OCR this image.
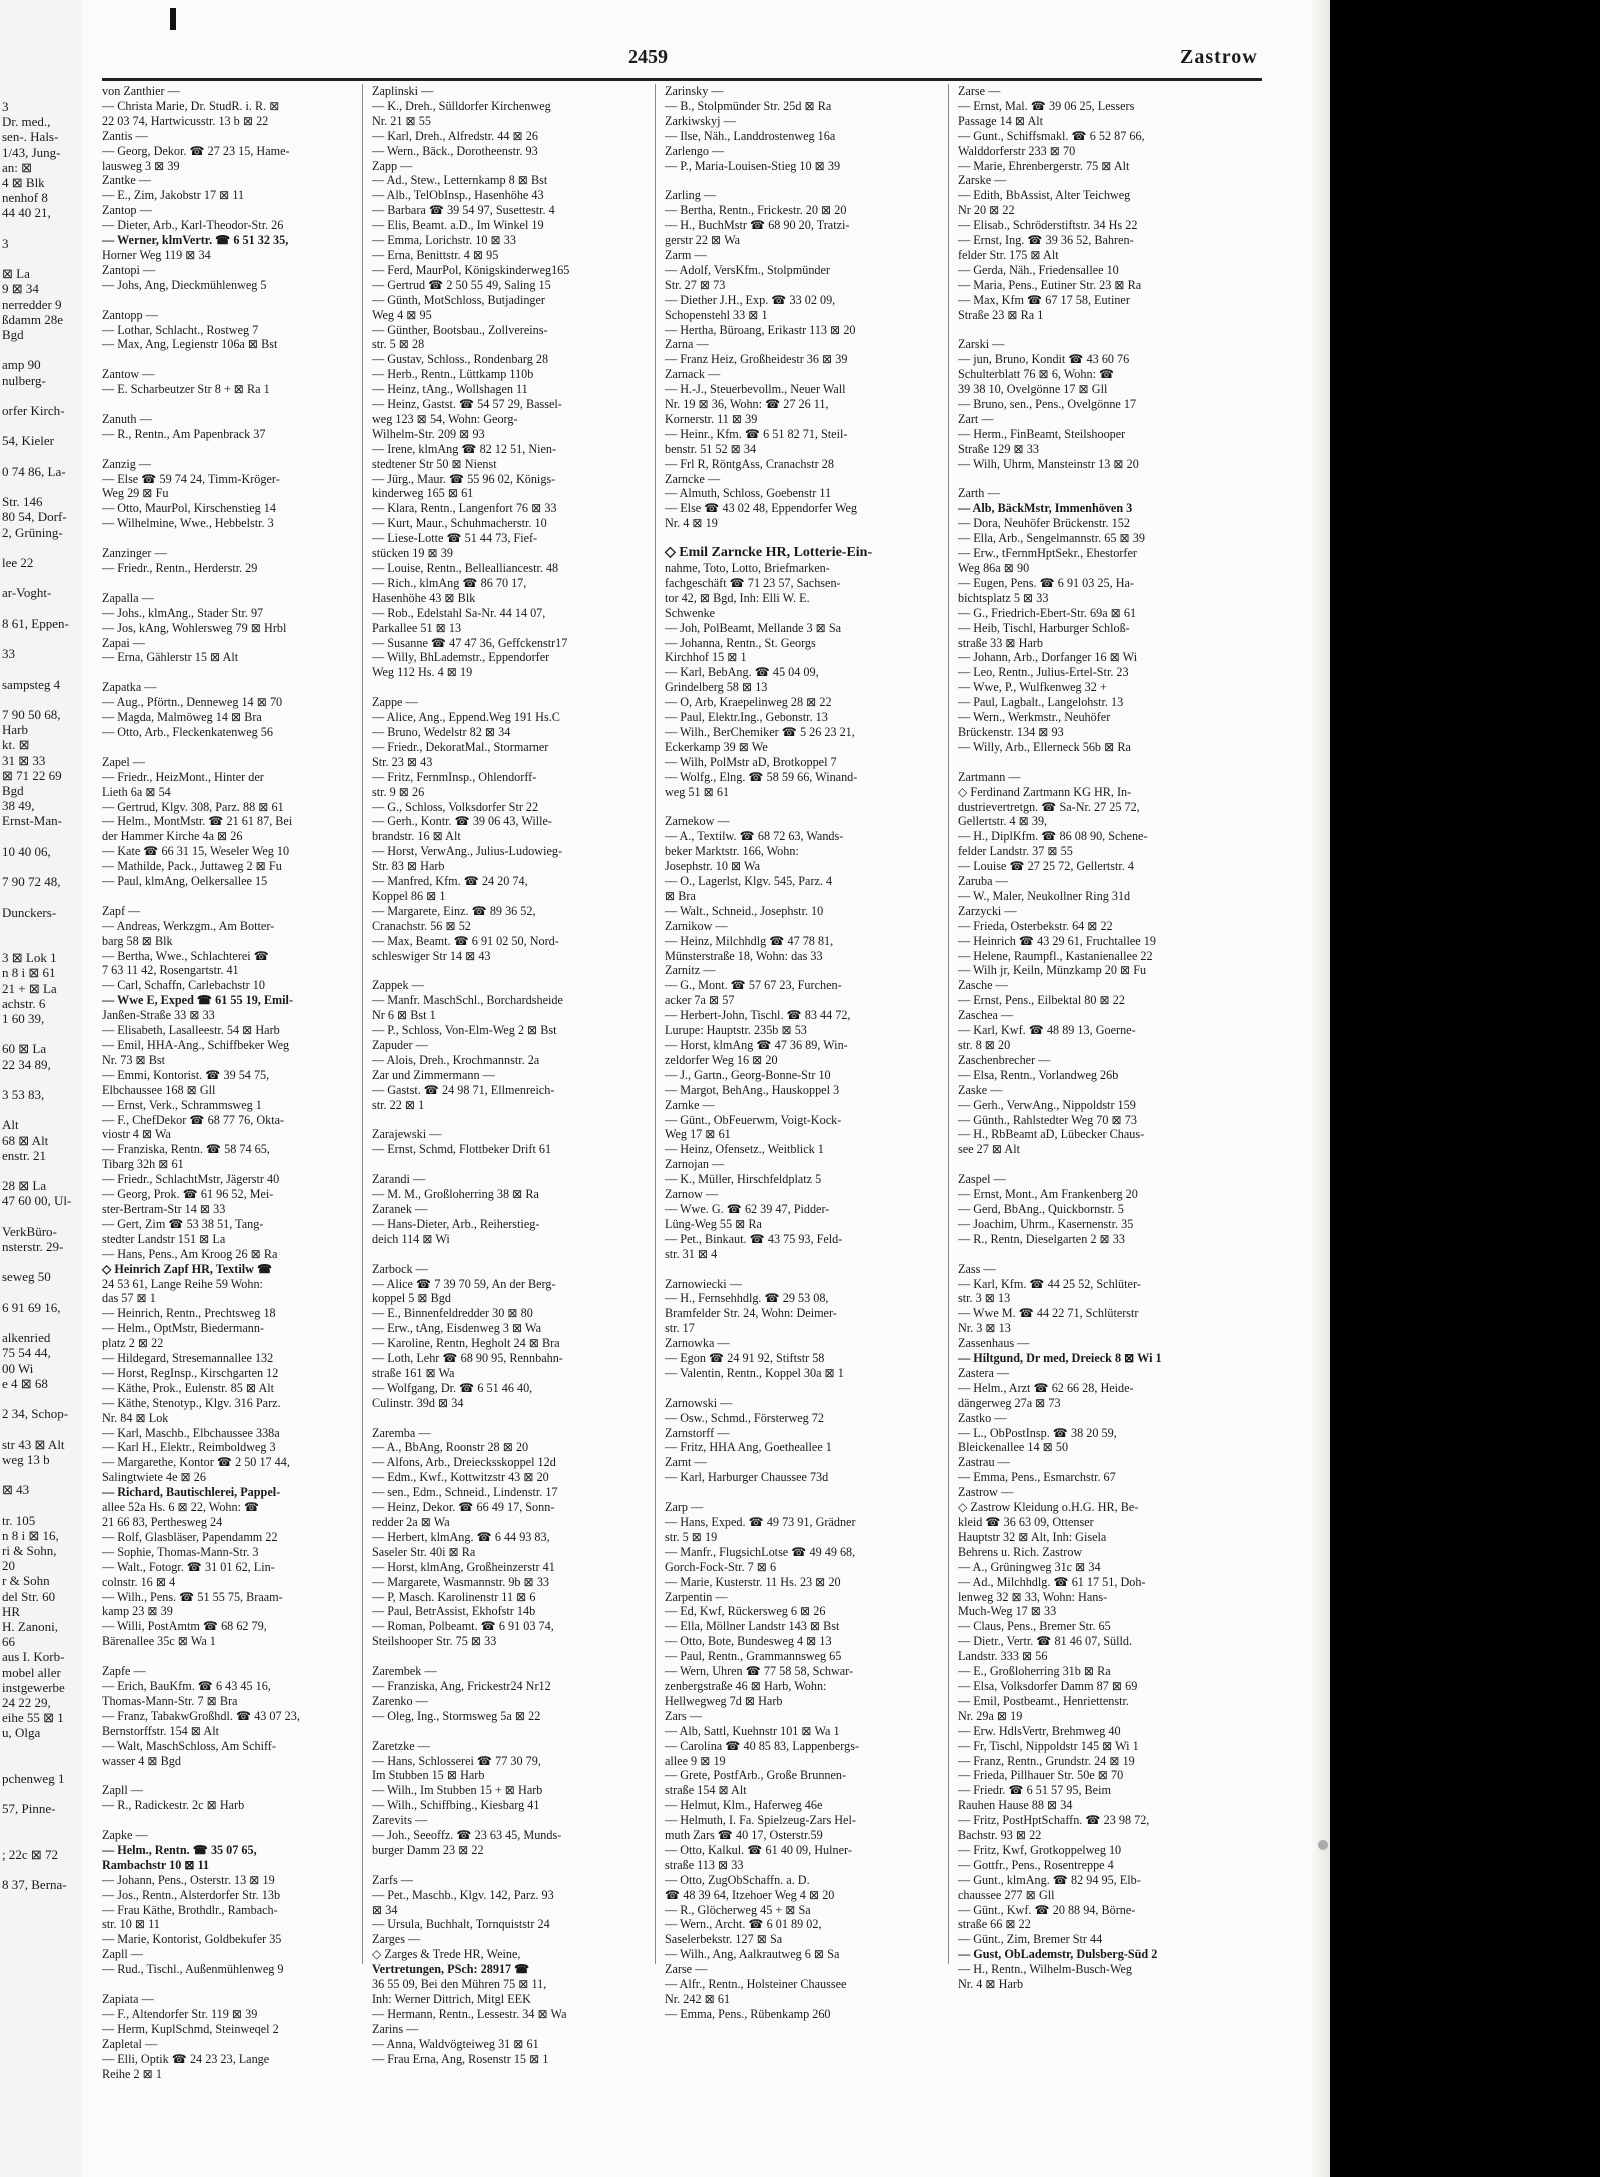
2459	Zastrow
von Zanthier —
— Christa Marie, Dr. StudR. i. R. ⊠
22 03 74, Hartwicusstr. 13 b ⊠ 22
Zantis —
— Georg, Dekor. ☎ 27 23 15, Hame-
lausweg 3 ⊠ 39
Zantke —
— E., Zim, Jakobstr 17 ⊠ 11
Zantop —
— Dieter, Arb., Karl-Theodor-Str. 26
— Werner, klmVertr. ☎ 6 51 32 35,
Horner Weg 119 ⊠ 34
Zantopi —
— Johs, Ang, Dieckmühlenweg 5

Zantopp —
— Lothar, Schlacht., Rostweg 7
— Max, Ang, Legienstr 106a ⊠ Bst

Zantow —
— E. Scharbeutzer Str 8 + ⊠ Ra 1

Zanuth —
— R., Rentn., Am Papenbrack 37

Zanzig —
— Else ☎ 59 74 24, Timm-Kröger-
Weg 29 ⊠ Fu
— Otto, MaurPol, Kirschenstieg 14
— Wilhelmine, Wwe., Hebbelstr. 3

Zanzinger —
— Friedr., Rentn., Herderstr. 29

Zapalla —
— Johs., klmAng., Stader Str. 97
— Jos, kAng, Wohlersweg 79 ⊠ Hrbl
Zapai —
— Erna, Gählerstr 15 ⊠ Alt

Zapatka —
— Aug., Pförtn., Denneweg 14 ⊠ 70
— Magda, Malmöweg 14 ⊠ Bra
— Otto, Arb., Fleckenkatenweg 56

Zapel —
— Friedr., HeizMont., Hinter der
Lieth 6a ⊠ 54
— Gertrud, Klgv. 308, Parz. 88 ⊠ 61
— Helm., MontMstr. ☎ 21 61 87, Bei
der Hammer Kirche 4a ⊠ 26
— Kate ☎ 66 31 15, Weseler Weg 10
— Mathilde, Pack., Juttaweg 2 ⊠ Fu
— Paul, klmAng, Oelkersallee 15

Zapf —
— Andreas, Werkzgm., Am Botter-
barg 58 ⊠ Blk
— Bertha, Wwe., Schlachterei ☎
7 63 11 42, Rosengartstr. 41
— Carl, Schaffn, Carlebachstr 10
— Wwe E, Exped ☎ 61 55 19, Emil-
Janßen-Straße 33 ⊠ 33
— Elisabeth, Lasalleestr. 54 ⊠ Harb
— Emil, HHA-Ang., Schiffbeker Weg
Nr. 73 ⊠ Bst
— Emmi, Kontorist. ☎ 39 54 75,
Elbchaussee 168 ⊠ Gll
— Ernst, Verk., Schrammsweg 1
— F., ChefDekor ☎ 68 77 76, Okta-
viostr 4 ⊠ Wa
— Franziska, Rentn. ☎ 58 74 65,
Tibarg 32h ⊠ 61
— Friedr., SchlachtMstr, Jägerstr 40
— Georg, Prok. ☎ 61 96 52, Mei-
ster-Bertram-Str 14 ⊠ 33
— Gert, Zim ☎ 53 38 51, Tang-
stedter Landstr 151 ⊠ La
— Hans, Pens., Am Kroog 26 ⊠ Ra
◇ Heinrich Zapf HR, Textilw ☎
24 53 61, Lange Reihe 59 Wohn:
das 57 ⊠ 1
— Heinrich, Rentn., Prechtsweg 18
— Helm., OptMstr, Biedermann-
platz 2 ⊠ 22
— Hildegard, Stresemannallee 132
— Horst, RegInsp., Kirschgarten 12
— Käthe, Prok., Eulenstr. 85 ⊠ Alt
— Käthe, Stenotyp., Klgv. 316 Parz.
Nr. 84 ⊠ Lok
— Karl, Maschb., Elbchaussee 338a
— Karl H., Elektr., Reimboldweg 3
— Margarethe, Kontor ☎ 2 50 17 44,
Salingtwiete 4e ⊠ 26
— Richard, Bautischlerei, Pappel-
allee 52a Hs. 6 ⊠ 22, Wohn: ☎
21 66 83, Perthesweg 24
— Rolf, Glasbläser, Papendamm 22
— Sophie, Thomas-Mann-Str. 3
— Walt., Fotogr. ☎ 31 01 62, Lin-
colnstr. 16 ⊠ 4
— Wilh., Pens. ☎ 51 55 75, Braam-
kamp 23 ⊠ 39
— Willi, PostAmtm ☎ 68 62 79,
Bärenallee 35c ⊠ Wa 1

Zapfe —
— Erich, BauKfm. ☎ 6 43 45 16,
Thomas-Mann-Str. 7 ⊠ Bra
— Franz, TabakwGroßhdl. ☎ 43 07 23,
Bernstorffstr. 154 ⊠ Alt
— Walt, MaschSchloss, Am Schiff-
wasser 4 ⊠ Bgd

Zapll —
— R., Radickestr. 2c ⊠ Harb

Zapke —
— Helm., Rentn. ☎ 35 07 65,
Rambachstr 10 ⊠ 11
— Johann, Pens., Osterstr. 13 ⊠ 19
— Jos., Rentn., Alsterdorfer Str. 13b
— Frau Käthe, Brothdlr., Rambach-
str. 10 ⊠ 11
— Marie, Kontorist, Goldbekufer 35
Zapll —
— Rud., Tischl., Außenmühlenweg 9

Zapiata —
— F., Altendorfer Str. 119 ⊠ 39
— Herm, KuplSchmd, Steinweqel 2
Zapletal —
— Elli, Optik ☎ 24 23 23, Lange
Reihe 2 ⊠ 1
Zaplinski —
— K., Dreh., Sülldorfer Kirchenweg
Nr. 21 ⊠ 55
— Karl, Dreh., Alfredstr. 44 ⊠ 26
— Wern., Bäck., Dorotheenstr. 93
Zapp —
— Ad., Stew., Letternkamp 8 ⊠ Bst
— Alb., TelObInsp., Hasenhöhe 43
— Barbara ☎ 39 54 97, Susettestr. 4
— Elis, Beamt. a.D., Im Winkel 19
— Emma, Lorichstr. 10 ⊠ 33
— Erna, Benittstr. 4 ⊠ 95
— Ferd, MaurPol, Königskinderweg165
— Gertrud ☎ 2 50 55 49, Saling 15
— Günth, MotSchloss, Butjadinger
Weg 4 ⊠ 95
— Günther, Bootsbau., Zollvereins-
str. 5 ⊠ 28
— Gustav, Schloss., Rondenbarg 28
— Herb., Rentn., Lüttkamp 110b
— Heinz, tAng., Wollshagen 11
— Heinz, Gastst. ☎ 54 57 29, Bassel-
weg 123 ⊠ 54, Wohn: Georg-
Wilhelm-Str. 209 ⊠ 93
— Irene, klmAng ☎ 82 12 51, Nien-
stedtener Str 50 ⊠ Nienst
— Jürg., Maur. ☎ 55 96 02, Königs-
kinderweg 165 ⊠ 61
— Klara, Rentn., Langenfort 76 ⊠ 33
— Kurt, Maur., Schuhmacherstr. 10
— Liese-Lotte ☎ 51 44 73, Fief-
stücken 19 ⊠ 39
— Louise, Rentn., Bellealliancestr. 48
— Rich., klmAng ☎ 86 70 17,
Hasenhöhe 43 ⊠ Blk
— Rob., Edelstahl Sa-Nr. 44 14 07,
Parkallee 51 ⊠ 13
— Susanne ☎ 47 47 36, Geffckenstr17
— Willy, BhLademstr., Eppendorfer
Weg 112 Hs. 4 ⊠ 19

Zappe —
— Alice, Ang., Eppend.Weg 191 Hs.C
— Bruno, Wedelstr 82 ⊠ 34
— Friedr., DekoratMal., Stormarner
Str. 23 ⊠ 43
— Fritz, FernmInsp., Ohlendorff-
str. 9 ⊠ 26
— G., Schloss, Volksdorfer Str 22
— Gerh., Kontr. ☎ 39 06 43, Wille-
brandstr. 16 ⊠ Alt
— Horst, VerwAng., Julius-Ludowieg-
Str. 83 ⊠ Harb
— Manfred, Kfm. ☎ 24 20 74,
Koppel 86 ⊠ 1
— Margarete, Einz. ☎ 89 36 52,
Cranachstr. 56 ⊠ 52
— Max, Beamt. ☎ 6 91 02 50, Nord-
schleswiger Str 14 ⊠ 43

Zappek —
— Manfr. MaschSchl., Borchardsheide
Nr 6 ⊠ Bst 1
— P., Schloss, Von-Elm-Weg 2 ⊠ Bst
Zapuder —
— Alois, Dreh., Krochmannstr. 2a
Zar und Zimmermann —
— Gastst. ☎ 24 98 71, Ellmenreich-
str. 22 ⊠ 1

Zarajewski —
— Ernst, Schmd, Flottbeker Drift 61

Zarandi —
— M. M., Großloherring 38 ⊠ Ra
Zaranek —
— Hans-Dieter, Arb., Reiherstieg-
deich 114 ⊠ Wi

Zarbock —
— Alice ☎ 7 39 70 59, An der Berg-
koppel 5 ⊠ Bgd
— E., Binnenfeldredder 30 ⊠ 80
— Erw., tAng, Eisdenweg 3 ⊠ Wa
— Karoline, Rentn, Hegholt 24 ⊠ Bra
— Loth, Lehr ☎ 68 90 95, Rennbahn-
straße 161 ⊠ Wa
— Wolfgang, Dr. ☎ 6 51 46 40,
Culinstr. 39d ⊠ 34

Zaremba —
— A., BbAng, Roonstr 28 ⊠ 20
— Alfons, Arb., Dreiecksskoppel 12d
— Edm., Kwf., Kottwitzstr 43 ⊠ 20
— sen., Edm., Schneid., Lindenstr. 17
— Heinz, Dekor. ☎ 66 49 17, Sonn-
redder 2a ⊠ Wa
— Herbert, klmAng. ☎ 6 44 93 83,
Saseler Str. 40i ⊠ Ra
— Horst, klmAng, Großheinzerstr 41
— Margarete, Wasmannstr. 9b ⊠ 33
— P, Masch. Karolinenstr 11 ⊠ 6
— Paul, BetrAssist, Ekhofstr 14b
— Roman, Polbeamt. ☎ 6 91 03 74,
Steilshooper Str. 75 ⊠ 33

Zarembek —
— Franziska, Ang, Frickestr24 Nr12
Zarenko —
— Oleg, Ing., Stormsweg 5a ⊠ 22

Zaretzke —
— Hans, Schlosserei ☎ 77 30 79,
Im Stubben 15 ⊠ Harb
— Wilh., Im Stubben 15 + ⊠ Harb
— Wilh., Schiffbing., Kiesbarg 41
Zarevits —
— Joh., Seeoffz. ☎ 23 63 45, Munds-
burger Damm 23 ⊠ 22

Zarfs —
— Pet., Maschb., Klgv. 142, Parz. 93
⊠ 34
— Ursula, Buchhalt, Tornquiststr 24
Zarges —
◇ Zarges & Trede HR, Weine,
Vertretungen, PSch: 28917 ☎
36 55 09, Bei den Mühren 75 ⊠ 11,
Inh: Werner Dittrich, Mitgl EEK
— Hermann, Rentn., Lessestr. 34 ⊠ Wa
Zarins —
— Anna, Waldvögteiweg 31 ⊠ 61
— Frau Erna, Ang, Rosenstr 15 ⊠ 1
Zarinsky —
— B., Stolpmünder Str. 25d ⊠ Ra
Zarkiwskyj —
— Ilse, Näh., Landdrostenweg 16a
Zarlengo —
— P., Maria-Louisen-Stieg 10 ⊠ 39

Zarling —
— Bertha, Rentn., Frickestr. 20 ⊠ 20
— H., BuchMstr ☎ 68 90 20, Tratzi-
gerstr 22 ⊠ Wa
Zarm —
— Adolf, VersKfm., Stolpmünder
Str. 27 ⊠ 73
— Diether J.H., Exp. ☎ 33 02 09,
Schopenstehl 33 ⊠ 1
— Hertha, Büroang, Erikastr 113 ⊠ 20
Zarna —
— Franz Heiz, Großheidestr 36 ⊠ 39
Zarnack —
— H.-J., Steuerbevollm., Neuer Wall
Nr. 19 ⊠ 36, Wohn: ☎ 27 26 11,
Kornerstr. 11 ⊠ 39
— Heinr., Kfm. ☎ 6 51 82 71, Steil-
benstr. 51 52 ⊠ 34
— Frl R, RöntgAss, Cranachstr 28
Zarncke —
— Almuth, Schloss, Goebenstr 11
— Else ☎ 43 02 48, Eppendorfer Weg
Nr. 4 ⊠ 19

◇ Emil Zarncke HR, Lotterie-Ein-
nahme, Toto, Lotto, Briefmarken-
fachgeschäft ☎ 71 23 57, Sachsen-
tor 42, ⊠ Bgd, Inh: Elli W. E.
Schwenke
— Joh, PolBeamt, Mellande 3 ⊠ Sa
— Johanna, Rentn., St. Georgs
Kirchhof 15 ⊠ 1
— Karl, BebAng. ☎ 45 04 09,
Grindelberg 58 ⊠ 13
— O, Arb, Kraepelinweg 28 ⊠ 22
— Paul, Elektr.Ing., Gebonstr. 13
— Wilh., BerChemiker ☎ 5 26 23 21,
Eckerkamp 39 ⊠ We
— Wilh, PolMstr aD, Brotkoppel 7
— Wolfg., Elng. ☎ 58 59 66, Winand-
weg 51 ⊠ 61

Zarnekow —
— A., Textilw. ☎ 68 72 63, Wands-
beker Marktstr. 166, Wohn:
Josephstr. 10 ⊠ Wa
— O., Lagerlst, Klgv. 545, Parz. 4
⊠ Bra
— Walt., Schneid., Josephstr. 10
Zarnikow —
— Heinz, Milchhdlg ☎ 47 78 81,
Münsterstraße 18, Wohn: das 33
Zarnitz —
— G., Mont. ☎ 57 67 23, Furchen-
acker 7a ⊠ 57
— Herbert-John, Tischl. ☎ 83 44 72,
Lurupe: Hauptstr. 235b ⊠ 53
— Horst, klmAng ☎ 47 36 89, Win-
zeldorfer Weg 16 ⊠ 20
— J., Gartn., Georg-Bonne-Str 10
— Margot, BehAng., Hauskoppel 3
Zarnke —
— Günt., ObFeuerwm, Voigt-Kock-
Weg 17 ⊠ 61
— Heinz, Ofensetz., Weitblick 1
Zarnojan —
— K., Müller, Hirschfeldplatz 5
Zarnow —
— Wwe. G. ☎ 62 39 47, Pidder-
Lüng-Weg 55 ⊠ Ra
— Pet., Binkaut. ☎ 43 75 93, Feld-
str. 31 ⊠ 4

Zarnowiecki —
— H., Fernsehhdlg. ☎ 29 53 08,
Bramfelder Str. 24, Wohn: Deimer-
str. 17
Zarnowka —
— Egon ☎ 24 91 92, Stiftstr 58
— Valentin, Rentn., Koppel 30a ⊠ 1

Zarnowski —
— Osw., Schmd., Försterweg 72
Zarnstorff —
— Fritz, HHA Ang, Goetheallee 1
Zarnt —
— Karl, Harburger Chaussee 73d

Zarp —
— Hans, Exped. ☎ 49 73 91, Grädner
str. 5 ⊠ 19
— Manfr., FlugsichLotse ☎ 49 49 68,
Gorch-Fock-Str. 7 ⊠ 6
— Marie, Kusterstr. 11 Hs. 23 ⊠ 20
Zarpentin —
— Ed, Kwf, Rückersweg 6 ⊠ 26
— Ella, Möllner Landstr 143 ⊠ Bst
— Otto, Bote, Bundesweg 4 ⊠ 13
— Paul, Rentn., Grammannsweg 65
— Wern, Uhren ☎ 77 58 58, Schwar-
zenbergstraße 46 ⊠ Harb, Wohn:
Hellwegweg 7d ⊠ Harb
Zars —
— Alb, Sattl, Kuehnstr 101 ⊠ Wa 1
— Carolina ☎ 40 85 83, Lappenbergs-
allee 9 ⊠ 19
— Grete, PostfArb., Große Brunnen-
straße 154 ⊠ Alt
— Helmut, Klm., Haferweg 46e
— Helmuth, I. Fa. Spielzeug-Zars Hel-
muth Zars ☎ 40 17, Osterstr.59
— Otto, Kalkul. ☎ 61 40 09, Hulner-
straße 113 ⊠ 33
— Otto, ZugObSchaffn. a. D.
☎ 48 39 64, Itzehoer Weg 4 ⊠ 20
— R., Glöcherweg 45 + ⊠ Sa
— Wern., Archt. ☎ 6 01 89 02,
Saselerbekstr. 127 ⊠ Sa
— Wilh., Ang, Aalkrautweg 6 ⊠ Sa
Zarse —
— Alfr., Rentn., Holsteiner Chaussee
Nr. 242 ⊠ 61
— Emma, Pens., Rübenkamp 260
Zarse —
— Ernst, Mal. ☎ 39 06 25, Lessers
Passage 14 ⊠ Alt
— Gunt., Schiffsmakl. ☎ 6 52 87 66,
Walddorferstr 233 ⊠ 70
— Marie, Ehrenbergerstr. 75 ⊠ Alt
Zarske —
— Edith, BbAssist, Alter Teichweg
Nr 20 ⊠ 22
— Elisab., Schröderstiftstr. 34 Hs 22
— Ernst, Ing. ☎ 39 36 52, Bahren-
felder Str. 175 ⊠ Alt
— Gerda, Näh., Friedensallee 10
— Maria, Pens., Eutiner Str. 23 ⊠ Ra
— Max, Kfm ☎ 67 17 58, Eutiner
Straße 23 ⊠ Ra 1

Zarski —
— jun, Bruno, Kondit ☎ 43 60 76
Schulterblatt 76 ⊠ 6, Wohn: ☎
39 38 10, Ovelgönne 17 ⊠ Gll
— Bruno, sen., Pens., Ovelgönne 17
Zart —
— Herm., FinBeamt, Steilshooper
Straße 129 ⊠ 33
— Wilh, Uhrm, Mansteinstr 13 ⊠ 20

Zarth —
— Alb, BäckMstr, Immenhöven 3
— Dora, Neuhöfer Brückenstr. 152
— Ella, Arb., Sengelmannstr. 65 ⊠ 39
— Erw., tFernmHptSekr., Ehestorfer
Weg 86a ⊠ 90
— Eugen, Pens. ☎ 6 91 03 25, Ha-
bichtsplatz 5 ⊠ 33
— G., Friedrich-Ebert-Str. 69a ⊠ 61
— Heib, Tischl, Harburger Schloß-
straße 33 ⊠ Harb
— Johann, Arb., Dorfanger 16 ⊠ Wi
— Leo, Rentn., Julius-Ertel-Str. 23
— Wwe, P., Wulfkenweg 32 +
— Paul, Lagbalt., Langelohstr. 13
— Wern., Werkmstr., Neuhöfer
Brückenstr. 134 ⊠ 93
— Willy, Arb., Ellerneck 56b ⊠ Ra

Zartmann —
◇ Ferdinand Zartmann KG HR, In-
dustrievertretgn. ☎ Sa-Nr. 27 25 72,
Gellertstr. 4 ⊠ 39,
— H., DiplKfm. ☎ 86 08 90, Schene-
felder Landstr. 37 ⊠ 55
— Louise ☎ 27 25 72, Gellertstr. 4
Zaruba —
— W., Maler, Neukollner Ring 31d
Zarzycki —
— Frieda, Osterbekstr. 64 ⊠ 22
— Heinrich ☎ 43 29 61, Fruchtallee 19
— Helene, Raumpfl., Kastanienallee 22
— Wilh jr, Keiln, Münzkamp 20 ⊠ Fu
Zasche —
— Ernst, Pens., Eilbektal 80 ⊠ 22
Zaschea —
— Karl, Kwf. ☎ 48 89 13, Goerne-
str. 8 ⊠ 20
Zaschenbrecher —
— Elsa, Rentn., Vorlandweg 26b
Zaske —
— Gerh., VerwAng., Nippoldstr 159
— Günth., Rahlstedter Weg 70 ⊠ 73
— H., RbBeamt aD, Lübecker Chaus-
see 27 ⊠ Alt

Zaspel —
— Ernst, Mont., Am Frankenberg 20
— Gerd, BbAng., Quickbornstr. 5
— Joachim, Uhrm., Kasernenstr. 35
— R., Rentn, Dieselgarten 2 ⊠ 33

Zass —
— Karl, Kfm. ☎ 44 25 52, Schlüter-
str. 3 ⊠ 13
— Wwe M. ☎ 44 22 71, Schlüterstr
Nr. 3 ⊠ 13
Zassenhaus —
— Hiltgund, Dr med, Dreieck 8 ⊠ Wi 1
Zastera —
— Helm., Arzt ☎ 62 66 28, Heide-
dängerweg 27a ⊠ 73
Zastko —
— L., ObPostInsp. ☎ 38 20 59,
Bleickenallee 14 ⊠ 50
Zastrau —
— Emma, Pens., Esmarchstr. 67
Zastrow —
◇ Zastrow Kleidung o.H.G. HR, Be-
kleid ☎ 36 63 09, Ottenser
Hauptstr 32 ⊠ Alt, Inh: Gisela
Behrens u. Rich. Zastrow
— A., Grüningweg 31c ⊠ 34
— Ad., Milchhdlg. ☎ 61 17 51, Doh-
lenweg 32 ⊠ 33, Wohn: Hans-
Much-Weg 17 ⊠ 33
— Claus, Pens., Bremer Str. 65
— Dietr., Vertr. ☎ 81 46 07, Sülld.
Landstr. 333 ⊠ 56
— E., Großloherring 31b ⊠ Ra
— Elsa, Volksdorfer Damm 87 ⊠ 69
— Emil, Postbeamt., Henriettenstr.
Nr. 29a ⊠ 19
— Erw. HdlsVertr, Brehmweg 40
— Fr, Tischl, Nippoldstr 145 ⊠ Wi 1
— Franz, Rentn., Grundstr. 24 ⊠ 19
— Frieda, Pillhauer Str. 50e ⊠ 70
— Friedr. ☎ 6 51 57 95, Beim
Rauhen Hause 88 ⊠ 34
— Fritz, PostHptSchaffn. ☎ 23 98 72,
Bachstr. 93 ⊠ 22
— Fritz, Kwf, Grotkoppelweg 10
— Gottfr., Pens., Rosentreppe 4
— Gunt., klmAng. ☎ 82 94 95, Elb-
chaussee 277 ⊠ Gll
— Günt., Kwf. ☎ 20 88 94, Börne-
straße 66 ⊠ 22
— Günt., Zim, Bremer Str 44
— Gust, ObLademstr, Dulsberg-Süd 2
— H., Rentn., Wilhelm-Busch-Weg
Nr. 4 ⊠ Harb
3
Dr. med.,
sen-. Hals-
1/43, Jung-
an: ⊠
4 ⊠ Blk
nenhof 8
44 40 21,
3
⊠ La
9 ⊠ 34
nerredder 9
ßdamm 28e
Bgd
amp 90
nulberg-
orfer Kirch-
54, Kieler
0 74 86, La-
Str. 146
80 54, Dorf-
2, Grüning-
lee 22
ar-Voght-
8 61, Eppen-
33
sampsteg 4
7 90 50 68,
Harb
kt. ⊠
31 ⊠ 33
⊠ 71 22 69
Bgd
38 49,
Ernst-Man-
10 40 06,
7 90 72 48,
Dunckers-
3 ⊠ Lok 1
n 8 i ⊠ 61
21 + ⊠ La
achstr. 6
1 60 39,
60 ⊠ La
22 34 89,
3 53 83,
Alt
68 ⊠ Alt
enstr. 21
28 ⊠ La
47 60 00, Ul-
VerkBüro-
nsterstr. 29-
seweg 50
6 91 69 16,
alkenried
75 54 44,
00 Wi
e 4 ⊠ 68
2 34, Schop-
str 43 ⊠ Alt
weg 13 b
⊠ 43
tr. 105
n 8 i ⊠ 16,
ri & Sohn,
20
r & Sohn
del Str. 60
HR
H. Zanoni,
66
aus I. Korb-
mobel aller
instgewerbe
24 22 29,
eihe 55 ⊠ 1
u, Olga
pchenweg 1
57, Pinne-
; 22c ⊠ 72
8 37, Berna-
